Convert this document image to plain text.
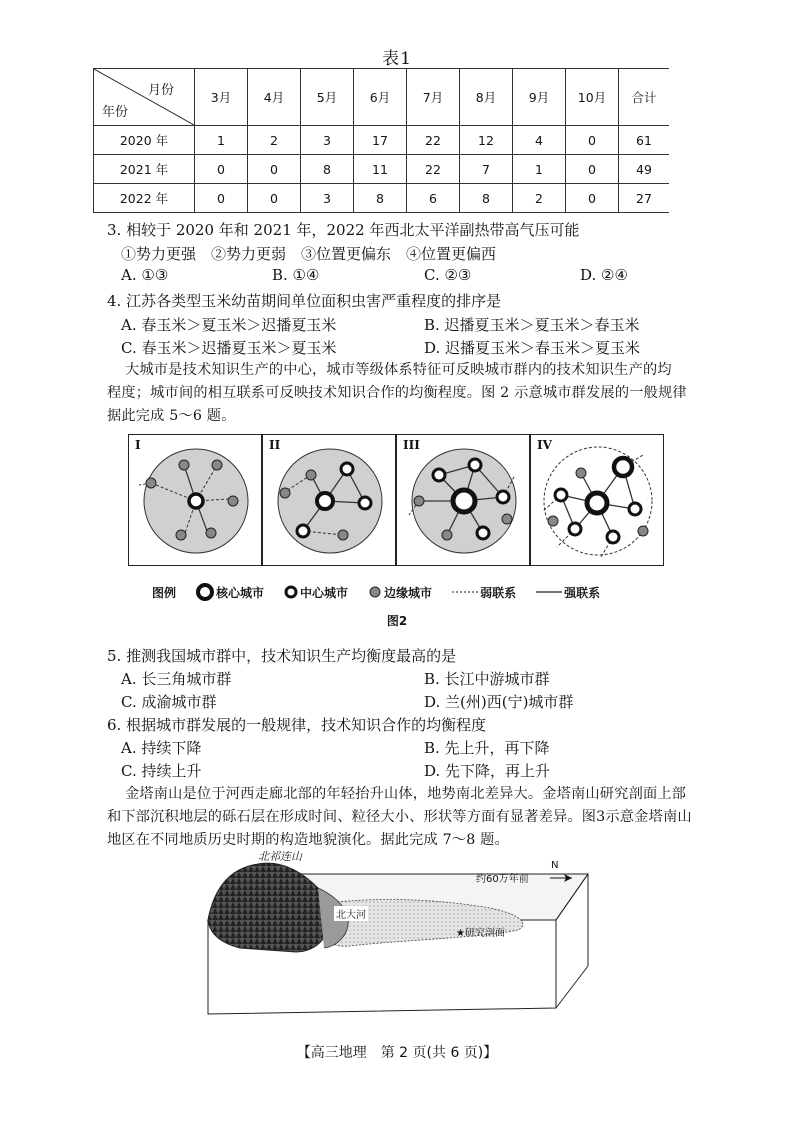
表1
月份
年份	3月	4月	5月	6月	7月	8月	9月	10月	合计
2020 年	1	2	3	17	22	12	4	0	61
2021 年	0	0	8	11	22	7	1	0	49
2022 年	0	0	3	8	6	8	2	0	27
3. 相较于 2020 年和 2021 年，2022 年西北太平洋副热带高气压可能
①势力更强　②势力更弱　③位置更偏东　④位置更偏西
A. ①③	B. ①④	C. ②③	D. ②④
4. 江苏各类型玉米幼苗期间单位面积虫害严重程度的排序是
A. 春玉米＞夏玉米＞迟播夏玉米	B. 迟播夏玉米＞夏玉米＞春玉米
C. 春玉米＞迟播夏玉米＞夏玉米	D. 迟播夏玉米＞春玉米＞夏玉米
大城市是技术知识生产的中心，城市等级体系特征可反映城市群内的技术知识生产的均
程度；城市间的相互联系可反映技术知识合作的均衡程度。图 2 示意城市群发展的一般规律
据此完成 5～6 题。
I	II	III	IV
图例	核心城市	中心城市	边缘城市	弱联系	强联系
图2
5. 推测我国城市群中，技术知识生产均衡度最高的是
A. 长三角城市群	B. 长江中游城市群
C. 成渝城市群	D. 兰(州)西(宁)城市群
6. 根据城市群发展的一般规律，技术知识合作的均衡程度
A. 持续下降	B. 先上升，再下降
C. 持续上升	D. 先下降，再上升
金塔南山是位于河西走廊北部的年轻抬升山体，地势南北差异大。金塔南山研究剖面上部
和下部沉积地层的砾石层在形成时间、粒径大小、形状等方面有显著差异。图3示意金塔南山
地区在不同地质历史时期的构造地貌演化。据此完成 7～8 题。
北祁连山
约60万年前
N
北大河
★研究剖面
【高三地理　第 2 页(共 6 页)】
